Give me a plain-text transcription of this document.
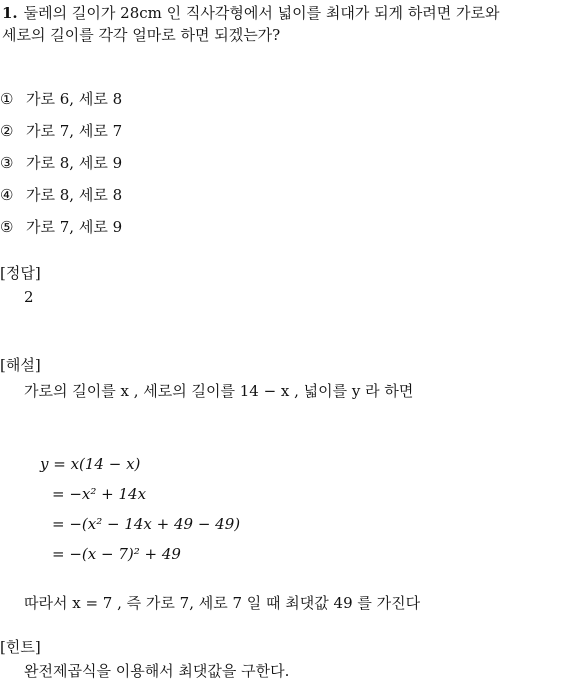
1. 둘레의 길이가 28cm 인 직사각형에서 넓이를 최대가 되게 하려면 가로와
세로의 길이를 각각 얼마로 하면 되겠는가?
① 가로 6, 세로 8
② 가로 7, 세로 7
③ 가로 8, 세로 9
④ 가로 8, 세로 8
⑤ 가로 7, 세로 9
[정답]
2
[해설]
가로의 길이를 x , 세로의 길이를 14 − x , 넓이를 y 라 하면
y = x(14 − x)
= −x² + 14x
= −(x² − 14x + 49 − 49)
= −(x − 7)² + 49
따라서 x = 7 , 즉 가로 7, 세로 7 일 때 최댓값 49 를 가진다
[힌트]
완전제곱식을 이용해서 최댓값을 구한다.
